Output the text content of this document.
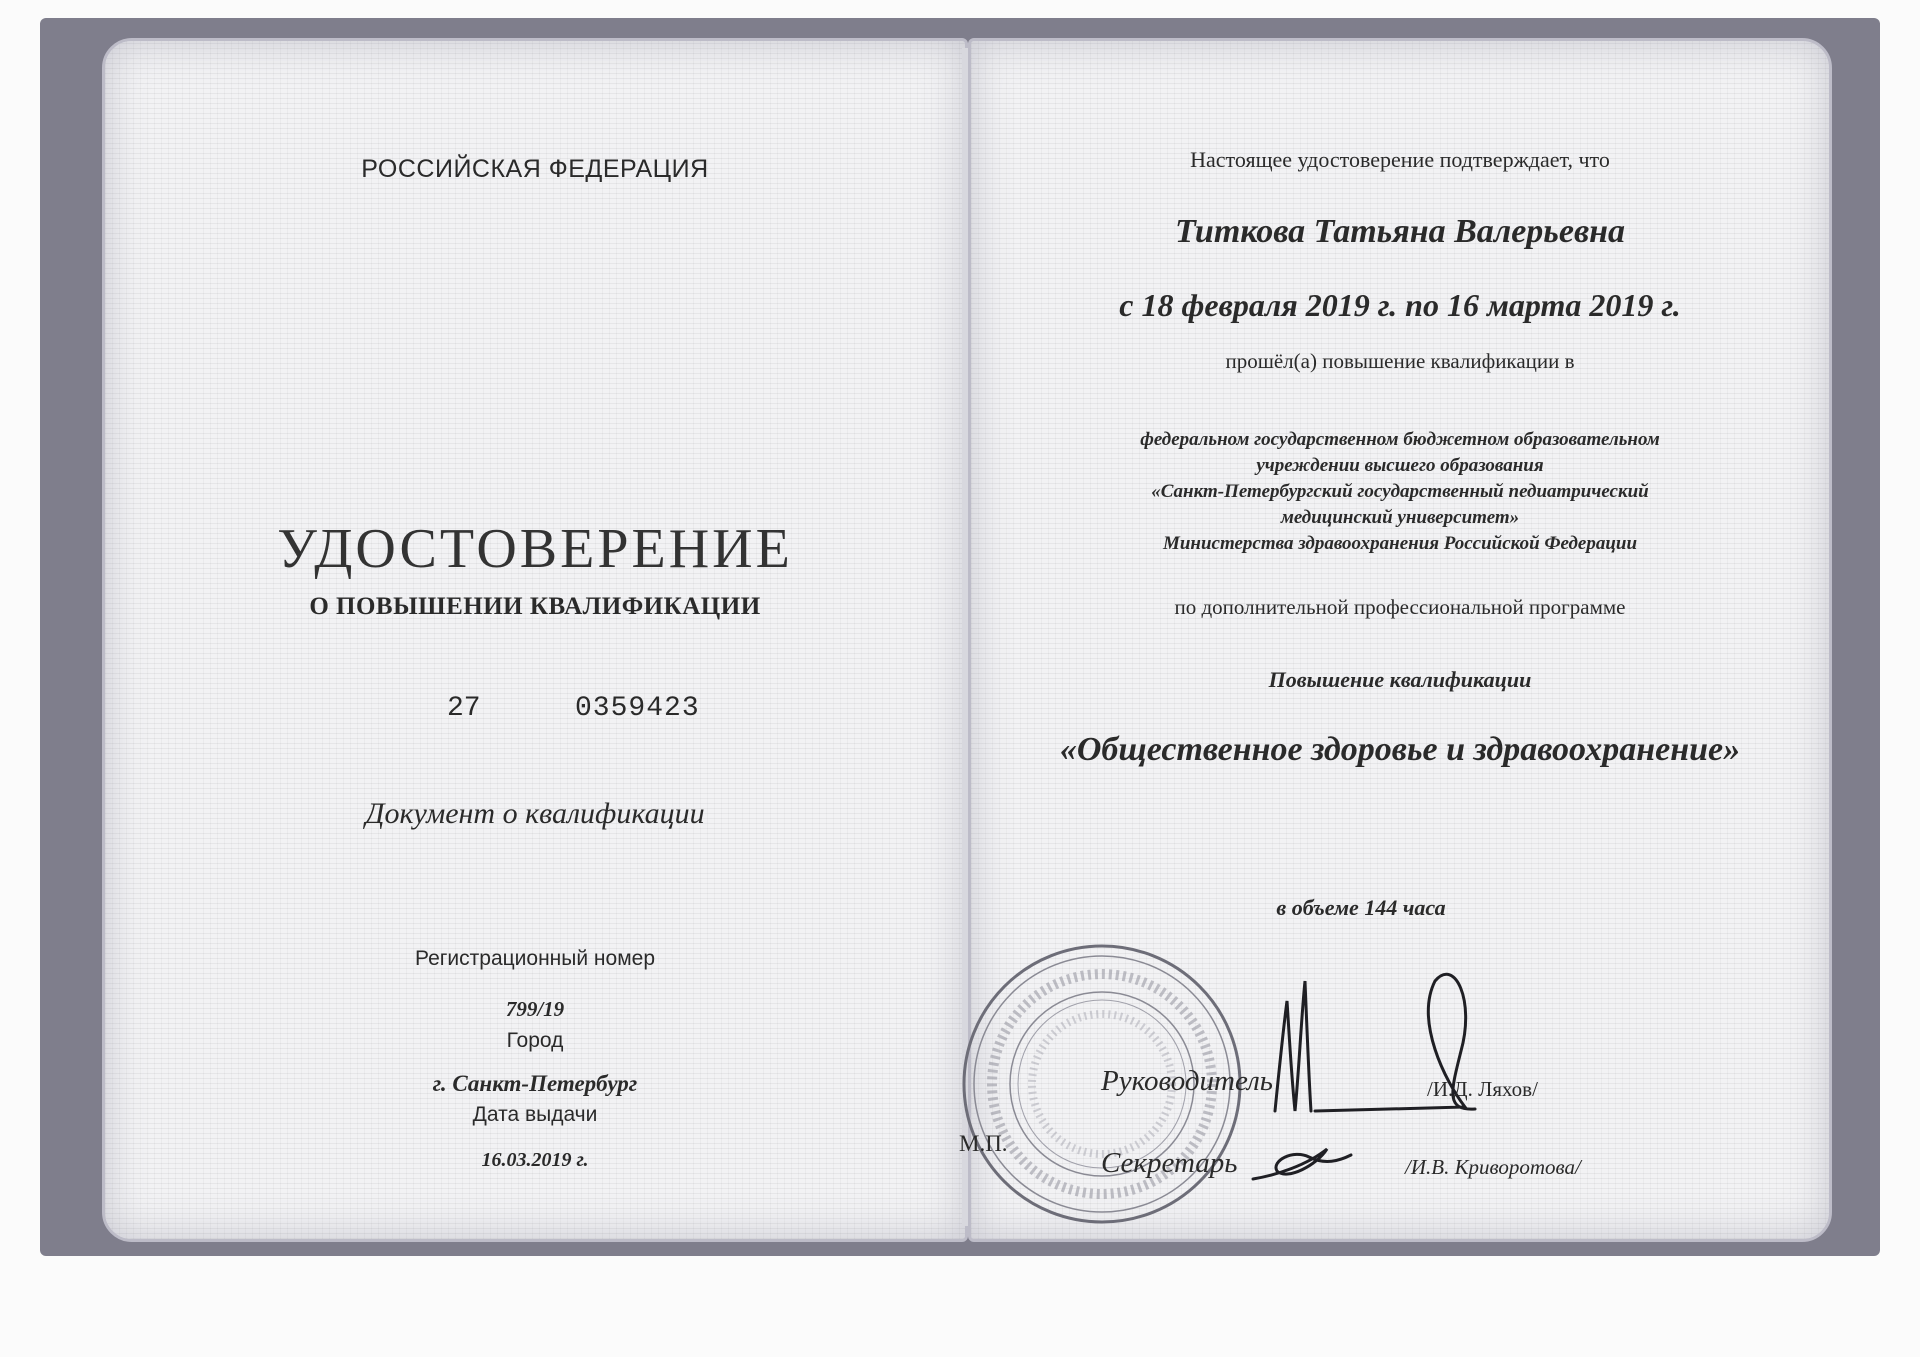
РОССИЙСКАЯ ФЕДЕРАЦИЯ
УДОСТОВЕРЕНИЕ
О ПОВЫШЕНИИ КВАЛИФИКАЦИИ
27	0359423
Документ о квалификации
Регистрационный номер
799/19
Город
г. Санкт-Петербург
Дата выдачи
16.03.2019 г.
Настоящее удостоверение подтверждает, что
Титкова Татьяна Валерьевна
с 18 февраля 2019 г. по 16 марта 2019 г.
прошёл(а) повышение квалификации в
федеральном государственном бюджетном образовательном
учреждении высшего образования
«Санкт-Петербургский государственный педиатрический
медицинский университет»
Министерства здравоохранения Российской Федерации
по дополнительной профессиональной программе
Повышение квалификации
«Общественное здоровье и здравоохранение»
в объеме 144 часа
Руководитель	/И.Д. Ляхов/
М.П.
Секретарь	/И.В. Криворотова/
